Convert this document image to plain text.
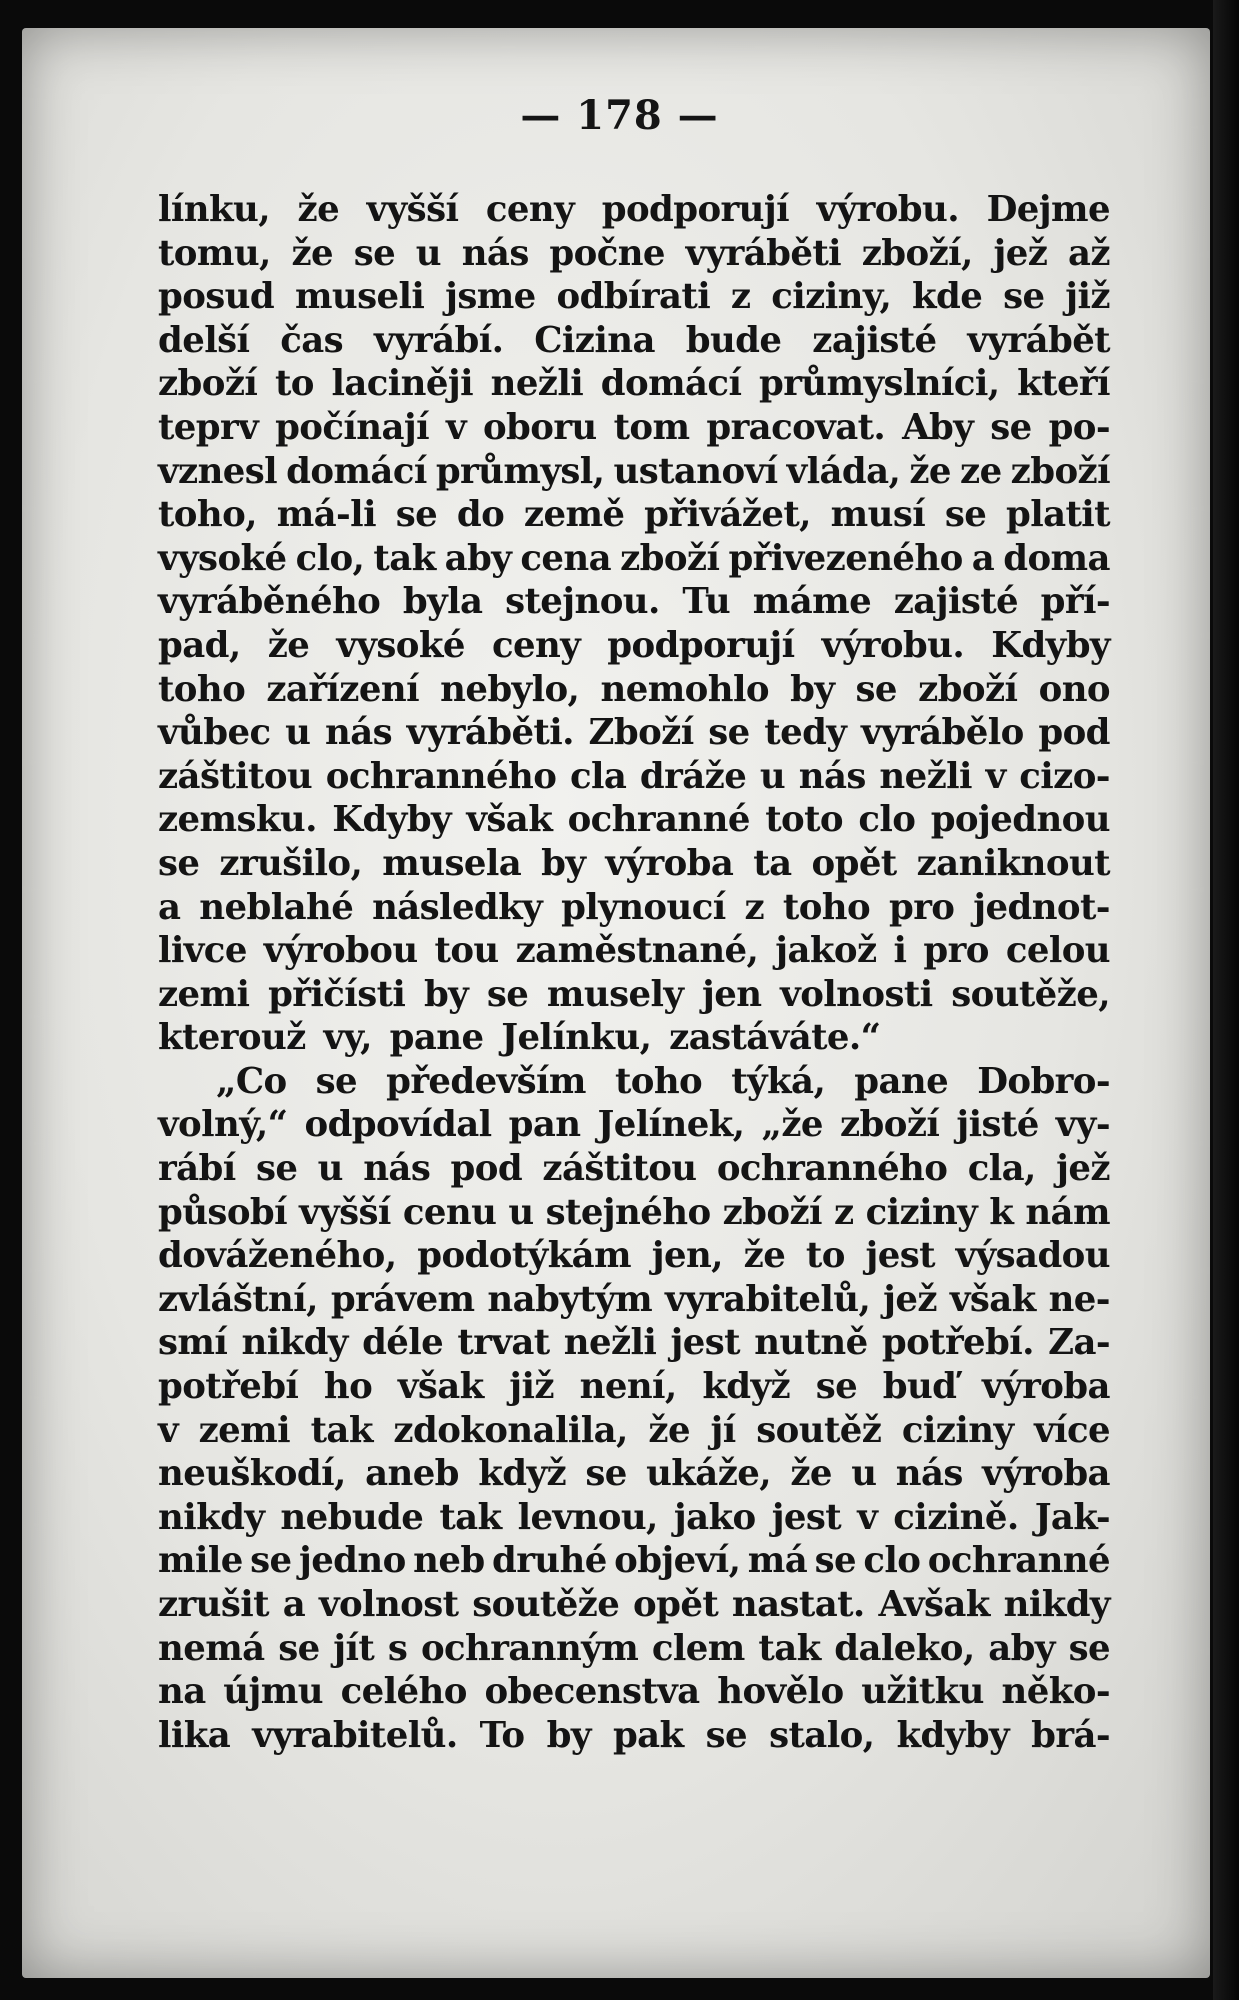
— 178 —
línku, že vyšší ceny podporují výrobu. Dejme
tomu, že se u nás počne vyráběti zboží, jež až
posud museli jsme odbírati z ciziny, kde se již
delší čas vyrábí. Cizina bude zajisté vyrábět
zboží to laciněji nežli domácí průmyslníci, kteří
teprv počínají v oboru tom pracovat. Aby se po-
vznesl domácí průmysl, ustanoví vláda, že ze zboží
toho, má-li se do země přivážet, musí se platit
vysoké clo, tak aby cena zboží přivezeného a doma
vyráběného byla stejnou. Tu máme zajisté pří-
pad, že vysoké ceny podporují výrobu. Kdyby
toho zařízení nebylo, nemohlo by se zboží ono
vůbec u nás vyráběti. Zboží se tedy vyrábělo pod
záštitou ochranného cla dráže u nás nežli v cizo-
zemsku. Kdyby však ochranné toto clo pojednou
se zrušilo, musela by výroba ta opět zaniknout
a neblahé následky plynoucí z toho pro jednot-
livce výrobou tou zaměstnané, jakož i pro celou
zemi přičísti by se musely jen volnosti soutěže,
kterouž vy, pane Jelínku, zastáváte.“
„Co se především toho týká, pane Dobro-
volný,“ odpovídal pan Jelínek, „že zboží jisté vy-
rábí se u nás pod záštitou ochranného cla, jež
působí vyšší cenu u stejného zboží z ciziny k nám
dováženého, podotýkám jen, že to jest výsadou
zvláštní, právem nabytým vyrabitelů, jež však ne-
smí nikdy déle trvat nežli jest nutně potřebí. Za-
potřebí ho však již není, když se buď výroba
v zemi tak zdokonalila, že jí soutěž ciziny více
neuškodí, aneb když se ukáže, že u nás výroba
nikdy nebude tak levnou, jako jest v cizině. Jak-
mile se jedno neb druhé objeví, má se clo ochranné
zrušit a volnost soutěže opět nastat. Avšak nikdy
nemá se jít s ochranným clem tak daleko, aby se
na újmu celého obecenstva hovělo užitku něko-
lika vyrabitelů. To by pak se stalo, kdyby brá-
